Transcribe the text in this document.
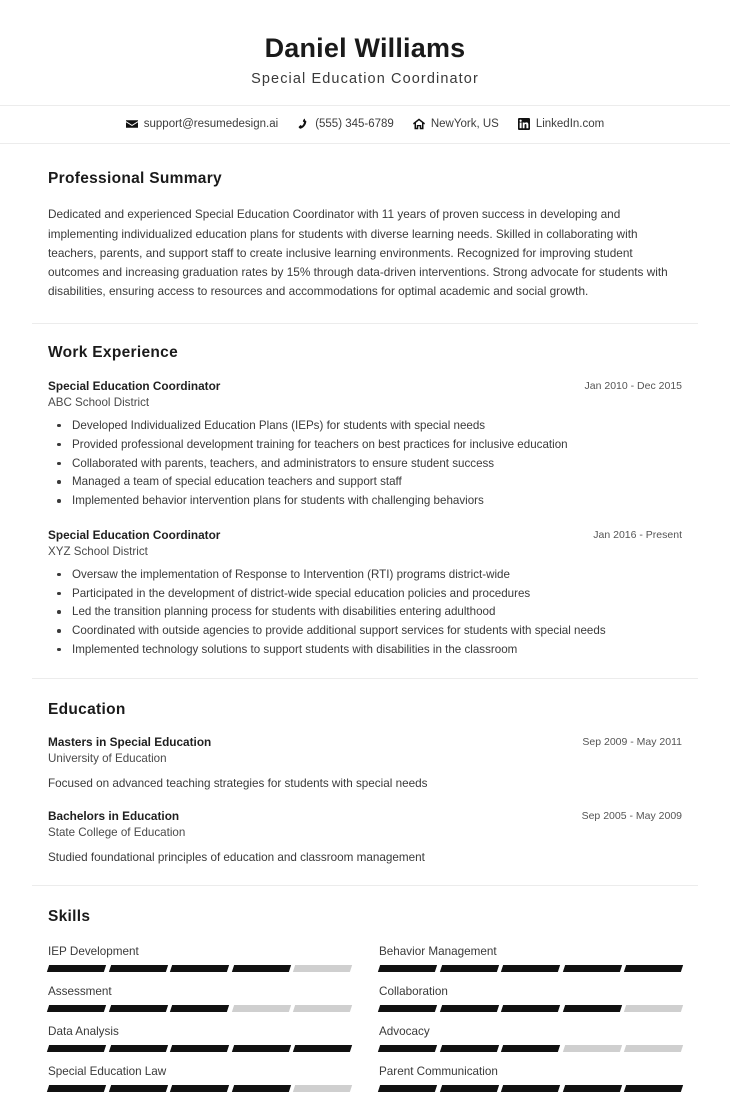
Daniel Williams
Special Education Coordinator
support@resumedesign.ai	(555) 345-6789	NewYork, US	LinkedIn.com
Professional Summary
Dedicated and experienced Special Education Coordinator with 11 years of proven success in developing and implementing individualized education plans for students with diverse learning needs. Skilled in collaborating with teachers, parents, and support staff to create inclusive learning environments. Recognized for improving student outcomes and increasing graduation rates by 15% through data-driven interventions. Strong advocate for students with disabilities, ensuring access to resources and accommodations for optimal academic and social growth.
Work Experience
Special Education Coordinator	Jan 2010 - Dec 2015
ABC School District
Developed Individualized Education Plans (IEPs) for students with special needs
Provided professional development training for teachers on best practices for inclusive education
Collaborated with parents, teachers, and administrators to ensure student success
Managed a team of special education teachers and support staff
Implemented behavior intervention plans for students with challenging behaviors
Special Education Coordinator	Jan 2016 - Present
XYZ School District
Oversaw the implementation of Response to Intervention (RTI) programs district-wide
Participated in the development of district-wide special education policies and procedures
Led the transition planning process for students with disabilities entering adulthood
Coordinated with outside agencies to provide additional support services for students with special needs
Implemented technology solutions to support students with disabilities in the classroom
Education
Masters in Special Education	Sep 2009 - May 2011
University of Education
Focused on advanced teaching strategies for students with special needs
Bachelors in Education	Sep 2005 - May 2009
State College of Education
Studied foundational principles of education and classroom management
Skills
IEP Development	Behavior Management
Assessment	Collaboration
Data Analysis	Advocacy
Special Education Law	Parent Communication
